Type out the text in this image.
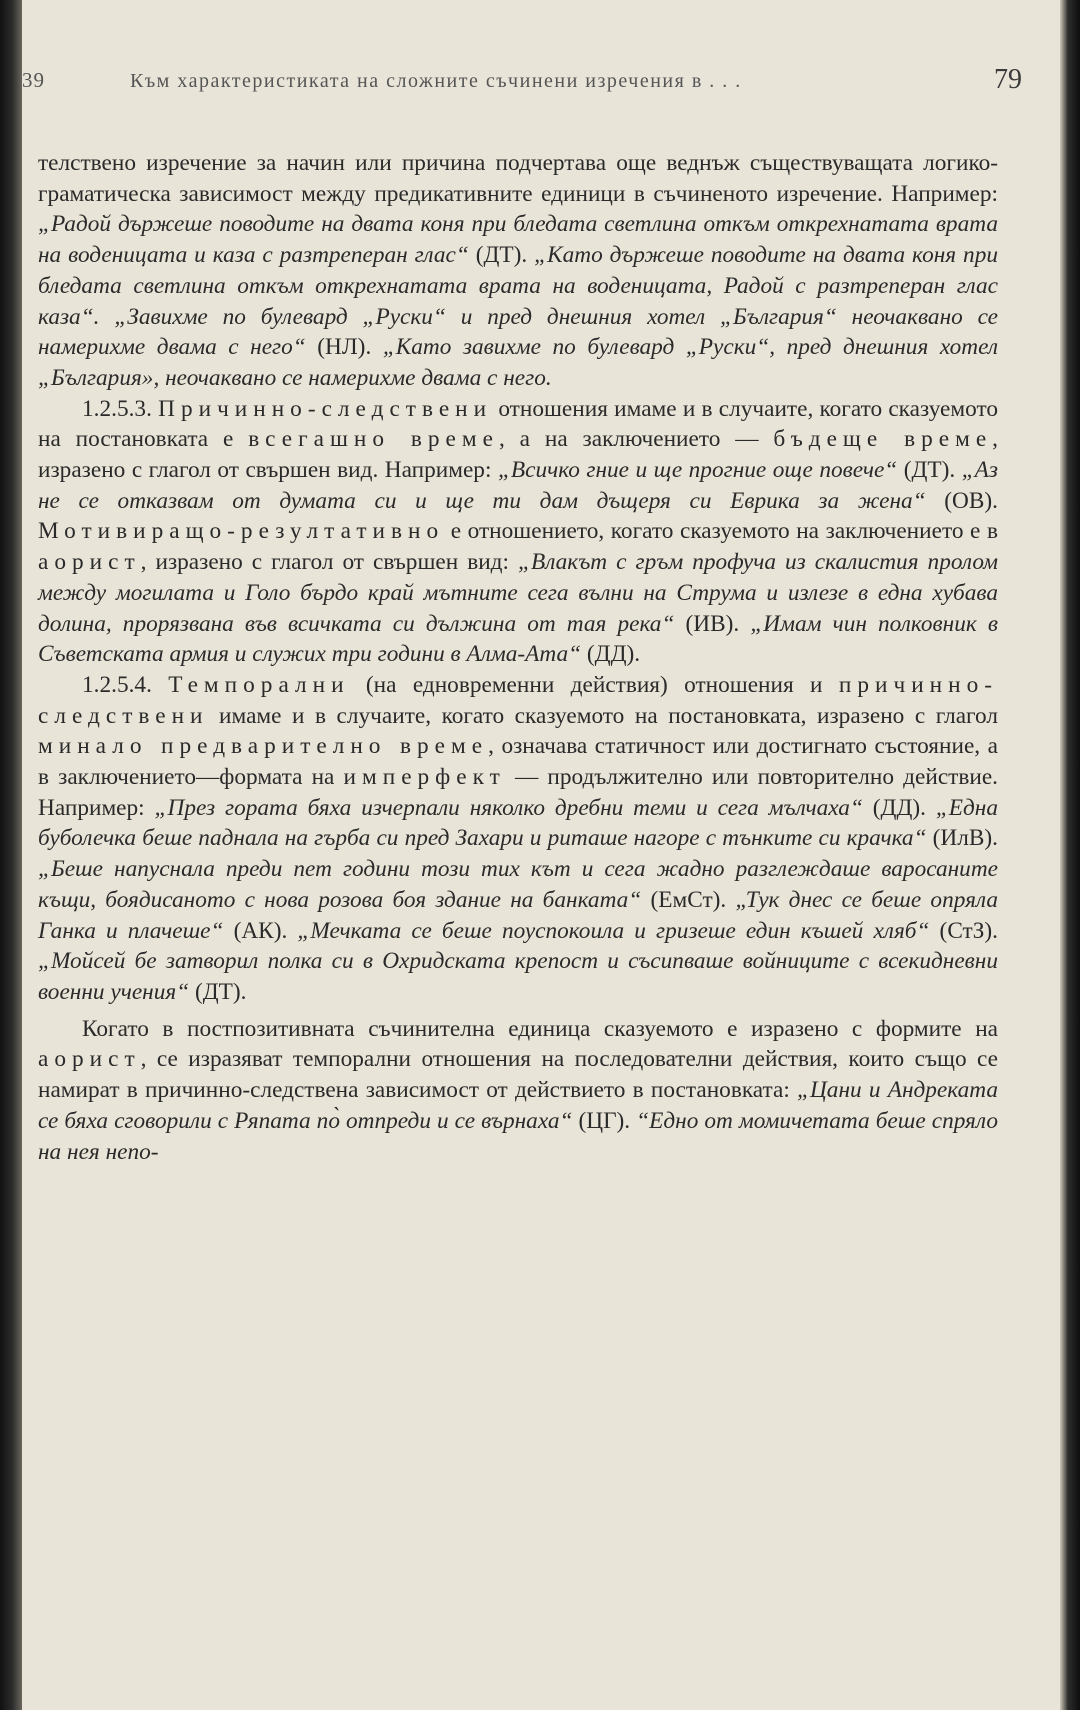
39	Към характеристиката на сложните съчинени изречения в . . .	79

телствено изречение за начин или причина подчертава още веднъж съществуващата логико-граматическа зависимост между предикативните единици в съчиненото изречение. Например: „Радой държеше поводите на двата коня при бледата светлина откъм открехнатата врата на воденицата и каза с разтреперан глас“ (ДТ). „Като държеше поводите на двата коня при бледата светлина откъм открехнатата врата на воденицата, Радой с разтреперан глас каза“. „Завихме по булевард „Руски“ и пред днешния хотел „България“ неочаквано се намерихме двама с него“ (НЛ). „Като завихме по булевард „Руски“, пред днешния хотел „България», неочаквано се намерихме двама с него.

1.2.5.3. Причинно-следствени отношения имаме и в случаите, когато сказуемото на постановката е всегашно време, а на заключението — бъдеще време, изразено с глагол от свършен вид. Например: „Всичко гние и ще прогние още повече“ (ДТ). „Аз не се отказвам от думата си и ще ти дам дъщеря си Еврика за жена“ (ОВ). Мотивиращо-резултативно е отношението, когато сказуемото на заключението е в аорист, изразено с глагол от свършен вид: „Влакът с гръм профуча из скалистия пролом между могилата и Голо бърдо край мътните сега вълни на Струма и излезе в една хубава долина, прорязвана във всичката си дължина от тая река“ (ИВ). „Имам чин полковник в Съветската армия и служих три години в Алма-Ата“ (ДД).

1.2.5.4. Темпорални (на едновременни действия) отношения и причинно-следствени имаме и в случаите, когато сказуемото на постановката, изразено с глагол минало предварително време, означава статичност или достигнато състояние, а в заключението—формата на имперфект — продължително или повторително действие. Например: „През гората бяха изчерпали няколко дребни теми и сега мълчаха“ (ДД). „Една буболечка беше паднала на гърба си пред Захари и риташе нагоре с тънките си крачка“ (ИлВ). „Беше напуснала преди пет години този тих кът и сега жадно разглеждаше варосаните къщи, боядисаното с нова розова боя здание на банката“ (ЕмСт). „Тук днес се беше опряла Ганка и плачеше“ (АК). „Мечката се беше поуспокоила и гризеше един къшей хляб“ (СтЗ). „Мойсей бе затворил полка си в Охридската крепост и съсипваше войниците с всекидневни военни учения“ (ДТ).

Когато в постпозитивната съчинителна единица сказуемото е изразено с формите на аорист, се изразяват темпорални отношения на последователни действия, които също се намират в причинно-следствена зависимост от действието в постановката: „Цани и Андреката се бяха сговорили с Ряпата по̀ отпреди и се върнаха“ (ЦГ). “Едно от момичетата беше спряло на нея непо-
